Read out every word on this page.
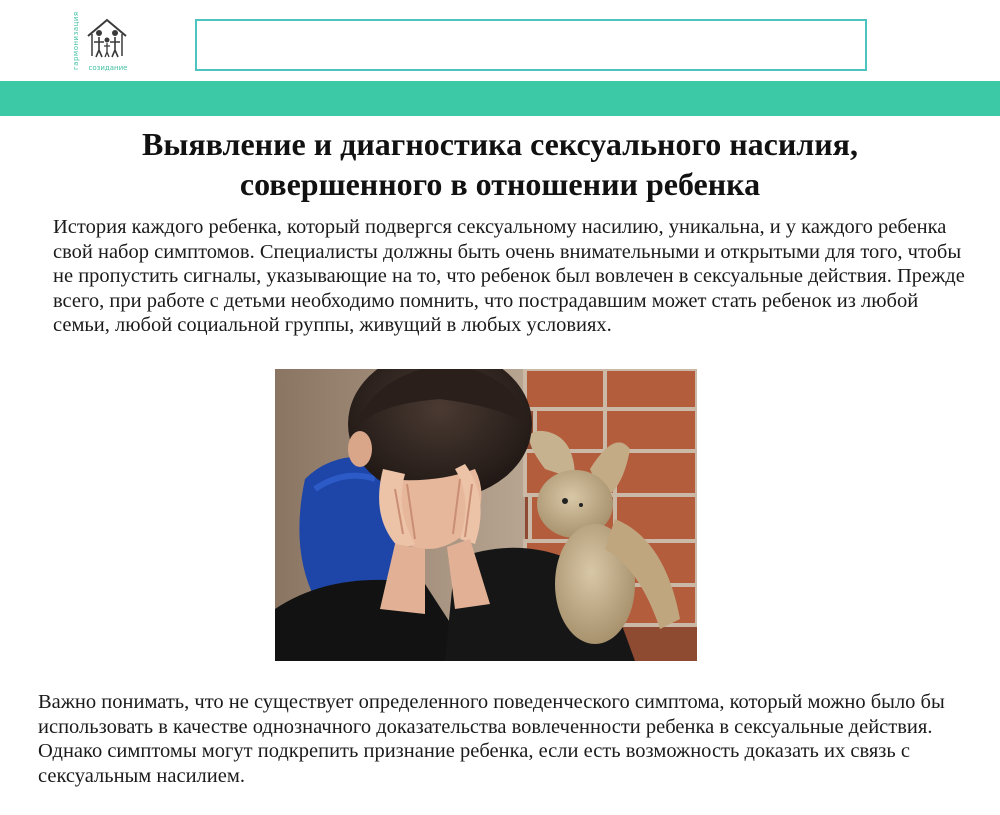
гармонизация	созидание
Выявление и диагностика сексуального насилия,
совершенного в отношении ребенка

История каждого ребенка, который подвергся сексуальному насилию, уникальна, и у каждого ребенка свой набор симптомов. Специалисты должны быть очень внимательными и открытыми для того, чтобы не пропустить сигналы, указывающие на то, что ребенок был вовлечен в сексуальные действия. Прежде всего, при работе с детьми необходимо помнить, что пострадавшим может стать ребенок из любой семьи, любой социальной группы, живущий в любых условиях.

Важно понимать, что не существует определенного поведенческого симптома, который можно было бы использовать в качестве однозначного доказательства вовлеченности ребенка в сексуальные действия. Однако симптомы могут подкрепить признание ребенка, если есть возможность доказать их связь с сексуальным насилием.
